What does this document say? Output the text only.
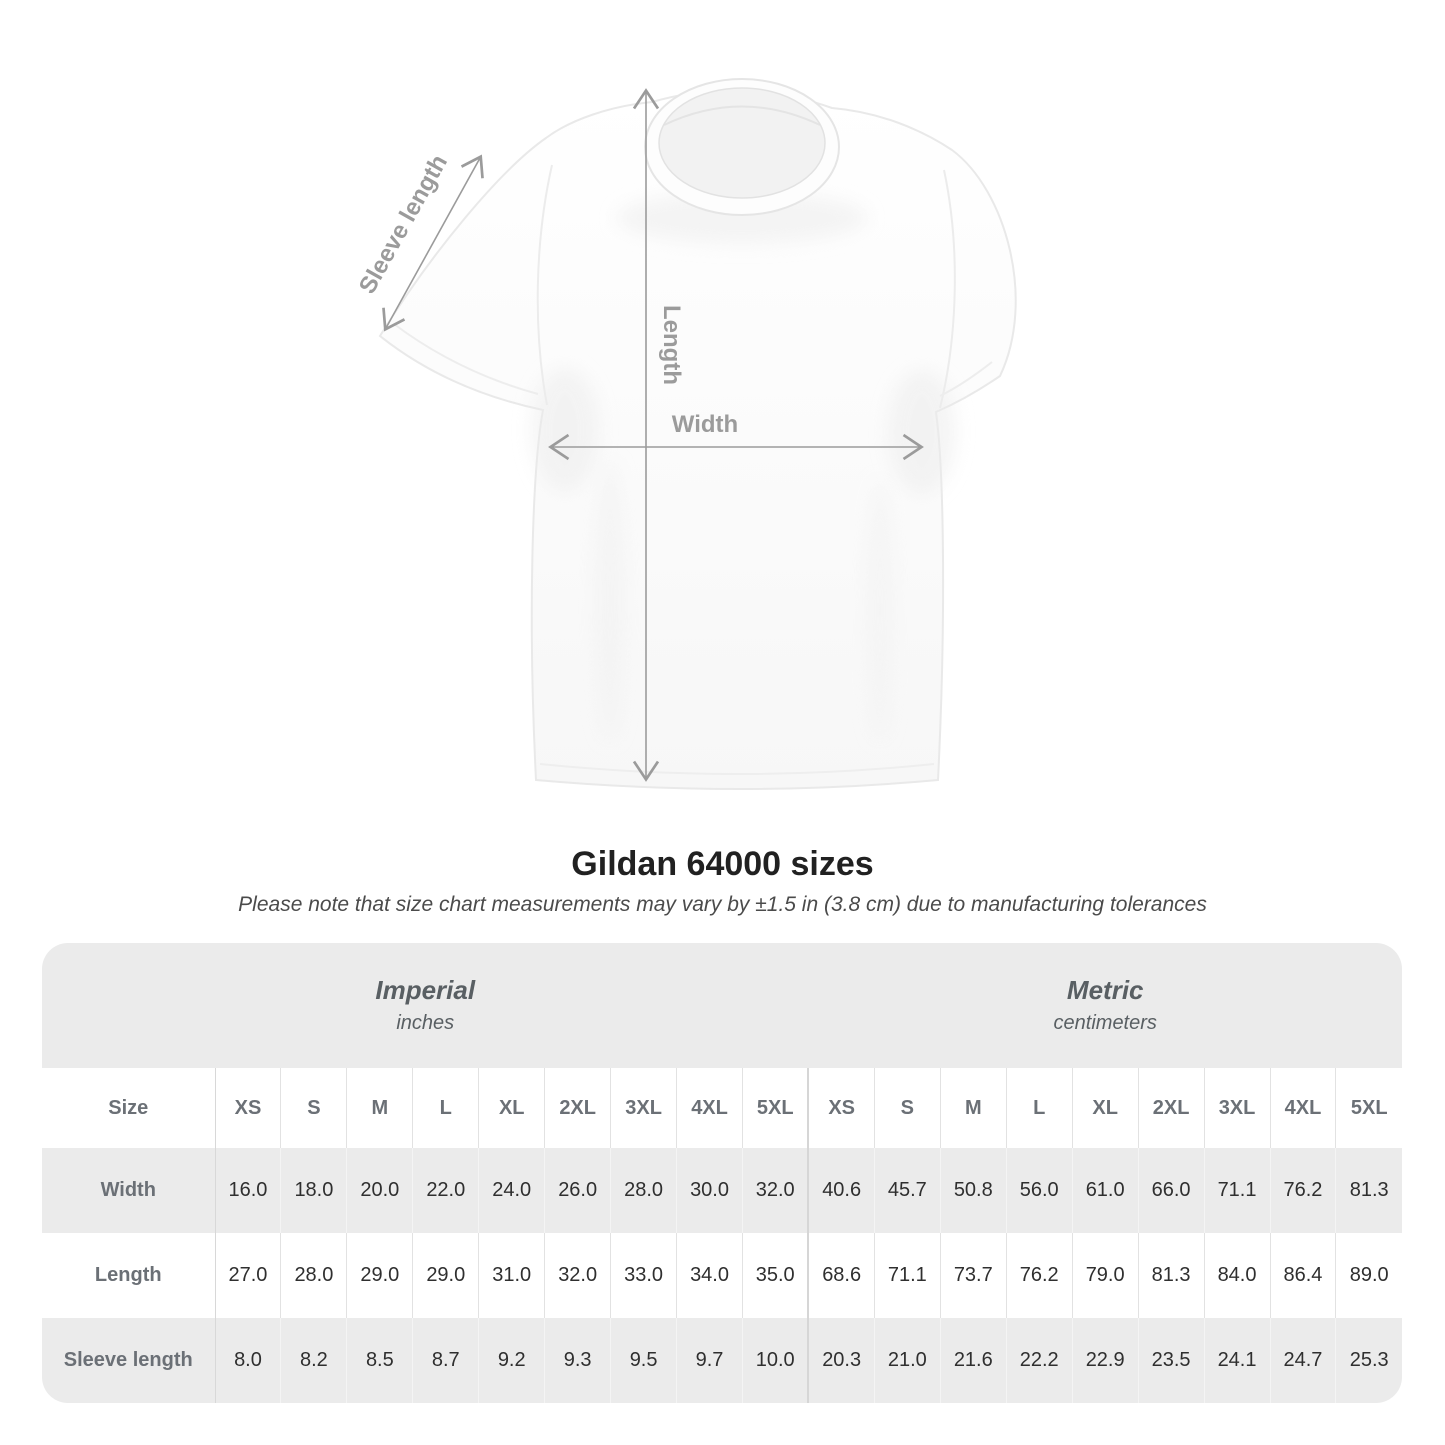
Width
Length
Sleeve length
Gildan 64000 sizes
Please note that size chart measurements may vary by ±1.5 in (3.8 cm) due to manufacturing tolerances
Imperial
inches

Metric
centimeters

Size	XS	S	M	L	XL	2XL	3XL	4XL	5XL	XS	S	M	L	XL	2XL	3XL	4XL	5XL
Width	16.0	18.0	20.0	22.0	24.0	26.0	28.0	30.0	32.0	40.6	45.7	50.8	56.0	61.0	66.0	71.1	76.2	81.3
Length	27.0	28.0	29.0	29.0	31.0	32.0	33.0	34.0	35.0	68.6	71.1	73.7	76.2	79.0	81.3	84.0	86.4	89.0
Sleeve length	8.0	8.2	8.5	8.7	9.2	9.3	9.5	9.7	10.0	20.3	21.0	21.6	22.2	22.9	23.5	24.1	24.7	25.3
